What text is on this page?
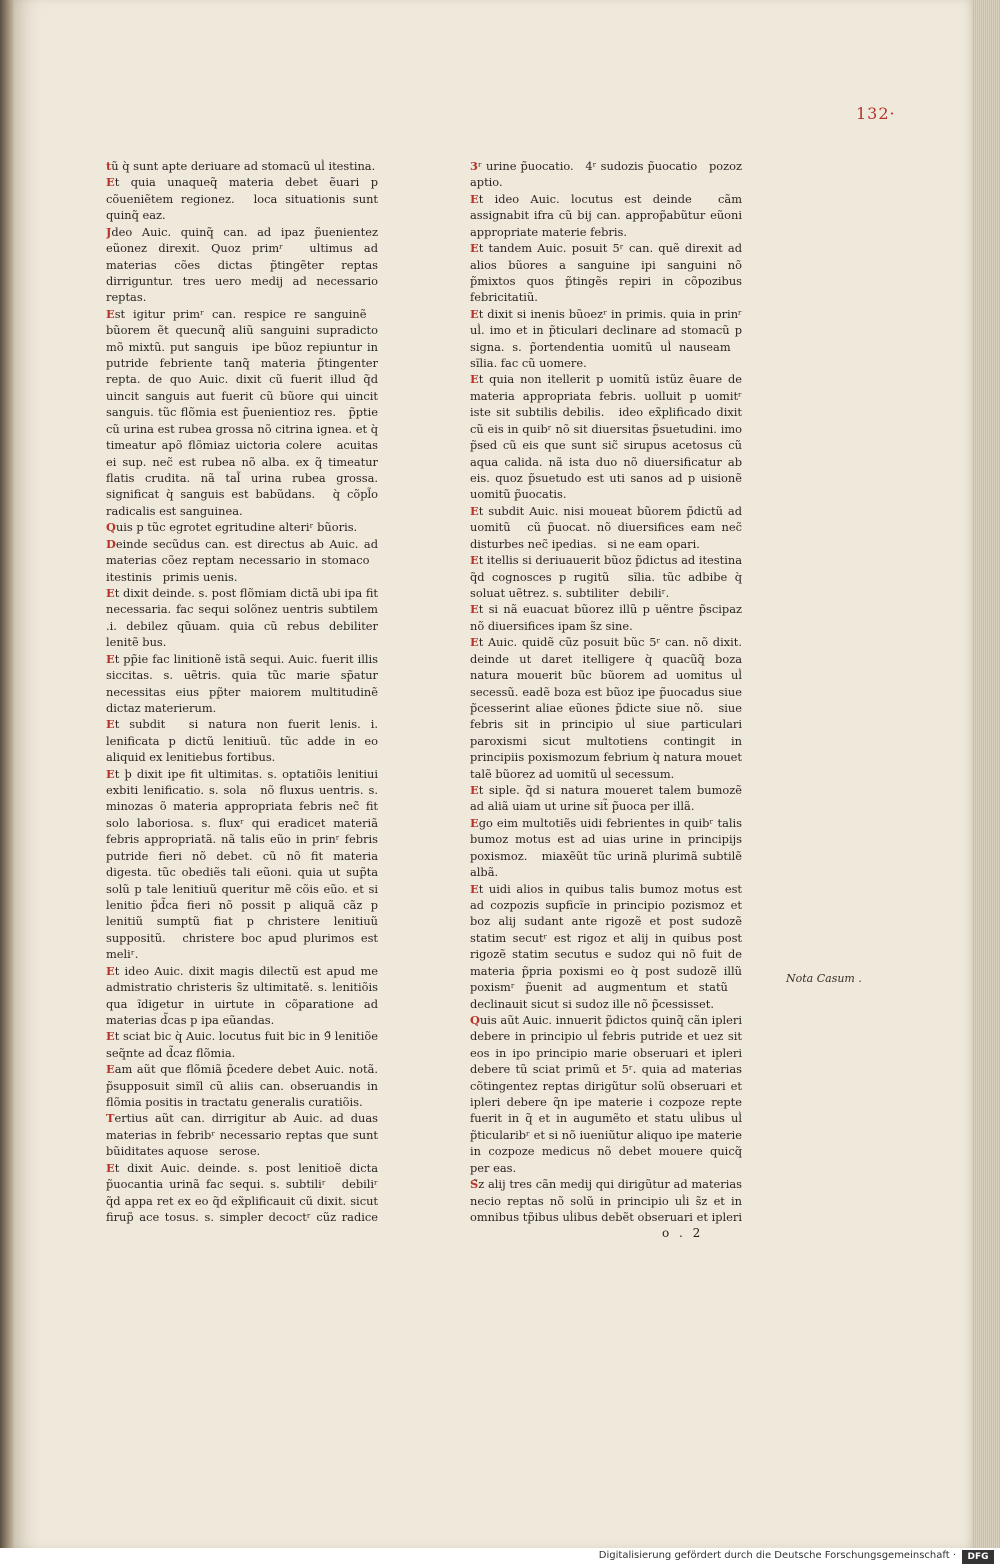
132·

tũ q̀ sunt apte deriuare ad stomacũ ul̀ itestina.

Et quia unaqueq̃ materia debet ẽuari p cõueniẽtem regionez.   loca situationis sunt quinq̃ eaz.

Jdeo Auic. quinq̃ can. ad ipaz p̃uenientez eũonez direxit. Quoz primʳ   ultimus ad materias cões dictas p̃tingẽter reptas dirriguntur. tres uero medij ad necessario reptas.

Est igitur primʳ can. respice re sanguinẽ   bũorem ẽt quecunq̃ aliũ sanguini supradicto mõ mixtũ. put sanguis   ipe bũoz repiuntur in putride febriente tanq̃ materia p̃tingenter repta. de quo Auic. dixit cũ fuerit illud q̃d uincit sanguis aut fuerit cũ bũore qui uincit sanguis. tũc flõmia est p̃uenientioz res.   p̃ptie cũ urina est rubea grossa nõ citrina ignea. et q̀ timeatur apõ flõmiaz uictoria colere   acuitas ei sup. nec̃ est rubea nõ alba. ex q̃ timeatur flatis crudita. nã tal̃ urina rubea grossa. significat q̀ sanguis est babũdans.   q̀ cõpl̃o radicalis est sanguinea.

Quis p tũc egrotet egritudine alteriʳ bũoris.

Deinde secũdus can. est directus ab Auic. ad materias cõez reptam necessario in stomaco   itestinis   primis uenis.

Et dixit deinde. s. post flõmiam dictã ubi ipa fit necessaria. fac sequi solõnez uentris subtilem .i. debilez qũuam. quia cũ rebus debiliter lenitẽ bus.

Et pp̃ie fac linitionẽ istã sequi. Auic. fuerit illis siccitas. s. uẽtris. quia tũc marie sp̃atur necessitas eius pp̃ter maiorem multitudinẽ dictaz materierum.

Et subdit   si natura non fuerit lenis. i. lenificata p dictũ lenitiuũ. tũc adde in eo aliquid ex lenitiebus fortibus.

Et þ dixit ipe fit ultimitas. s. optatiõis lenitiui exbiti lenificatio. s. sola   nõ fluxus uentris. s. minozas õ materia appropriata febris nec̃ fit solo laboriosa. s. fluxʳ qui eradicet materiã febris appropriatã. nã talis eũo in prinʳ febris putride fieri nõ debet. cũ nõ fit materia digesta. tũc obediẽs tali eũoni. quia ut sup̃ta solũ p tale lenitiuũ queritur mẽ cõis eũo. et si lenitio p̃d̃ca fieri nõ possit p aliquã cãz p lenitiũ sumptũ fiat p christere lenitiuũ suppositũ.   christere boc apud plurimos est meliʳ.

Et ideo Auic. dixit magis dilectũ est apud me admistratio christeris s̃z ultimitatẽ. s. lenitiõis qua ĩdigetur in uirtute in cõparatione ad materias d̃cas p ipa eũandas.

Et sciat bic q̀ Auic. locutus fuit bic in 9̃ lenitiõe seq̃nte ad d̃caz flõmia.

Eam aũt que flõmiã p̃cedere debet Auic. notã. p̃supposuit simĩl cũ aliis can. obseruandis in flõmia positis in tractatu generalis curatiõis.

Tertius aũt can. dirrigitur ab Auic. ad duas materias in febribʳ necessario reptas que sunt bũiditates aquose   serose.

Et dixit Auic. deinde. s. post lenitioẽ dicta p̃uocantia urinã fac sequi. s. subtiliʳ   debiliʳ q̃d appa ret ex eo q̃d ex̃plificauit cũ dixit. sicut firup̃ ace tosus. s. simpler decoctʳ cũz radice  

3ʳ urine p̃uocatio.   4ʳ sudozis p̃uocatio   pozoz aptio.

Et ideo Auic. locutus est deinde   cãm assignabit ifra cũ bij can. approp̃abũtur eũoni appropriate materie febris.

Et tandem Auic. posuit 5ʳ can. quẽ direxit ad alios bũores a sanguine ipi sanguini nõ p̃mixtos quos p̃tingẽs repiri in cõpozibus febricitatiũ.

Et dixit si inenis bũoezʳ in primis. quia in prinʳ ul̀. imo et in p̃ticulari declinare ad stomacũ p signa. s. p̃ortendentia uomitũ ul̀ nauseam   sĩlia. fac cũ uomere.

Et quia non itellerit p uomitũ istũz ẽuare de materia appropriata febris. uolluit p uomitʳ iste sit subtilis debilis.   ideo ex̃plificado dixit cũ eis in quibʳ nõ sit diuersitas p̃suetudini. imo p̃sed cũ eis que sunt sic̃ sirupus acetosus cũ aqua calida. nã ista duo nõ diuersificatur ab eis. quoz p̃suetudo est uti sanos ad p uisionẽ uomitũ p̃uocatis.

Et subdit Auic. nisi moueat bũorem p̃dictũ ad uomitũ   cũ p̃uocat. nõ diuersifices eam nec̃ disturbes nec̃ ipedias.   si ne eam opari.

Et itellis si deriuauerit bũoz p̃dictus ad itestina q̃d cognosces p rugitũ   sĩlia. tũc adbibe q̀ soluat uẽtrez. s. subtiliter   debiliʳ.

Et si nã euacuat bũorez illũ p uẽntre p̃scipaz nõ diuersifices ipam s̃z sine.

Et Auic. quidẽ cũz posuit bũc 5ʳ can. nõ dixit. deinde ut daret itelligere q̀ quacũq̃ boza natura mouerit bũc bũorem ad uomitus ul̀ secessũ. eadẽ boza est bũoz ipe p̃uocadus siue p̃cesserint aliae eũones p̃dicte siue nõ.   siue febris sit in principio ul̀ siue particulari paroxismi sicut multotiens contingit in principiis poxismozum febrium q̀ natura mouet talẽ bũorez ad uomitũ ul̀ secessum.

Et siple. q̃d si natura moueret talem bumozẽ ad aliã uiam ut urine sit̃ p̃uoca per illã.

Ego eim multotiẽs uidi febrientes in quibʳ talis bumoz motus est ad uias urine in principijs poxismoz.   miaxẽũt tũc urinã plurimã subtilẽ albã.

Et uidi alios in quibus talis bumoz motus est ad cozpozis supficĩe in principio pozismoz et boz alij sudant ante rigozẽ et post sudozẽ statim secutʳ est rigoz et alij in quibus post rigozẽ statim secutus e sudoz qui nõ fuit de materia p̃pria poxismi eo q̀ post sudozẽ illũ poxismʳ p̃uenit ad augmentum et statũ   declinauit sicut si sudoz ille nõ p̃cessisset.

Quis aũt Auic. innuerit p̃dictos quinq̃ cãn ipleri debere in principio ul̀ febris putride et uez sit eos in ipo principio marie obseruari et ipleri debere tũ sciat primũ et 5ʳ. quia ad materias cõtingentez reptas dirigũtur solũ obseruari et ipleri debere q̃n ipe materie i cozpoze repte fuerit in q̃ et in augumẽto et statu ul̀ibus ul̀ p̃ticularibʳ et si nõ iueniũtur aliquo ipe materie in cozpoze medicus nõ debet mouere quicq̃ per eas.

S̃z alij tres cãn medij qui dirigũtur ad materias necio reptas nõ solũ in principio ul̀i s̃z et in omnibus tp̃ibus ul̀ibus debẽt obseruari et ipleri

o . 2
Nota Casum .
Digitalisierung gefördert durch die Deutsche Forschungsgemeinschaft ·	DFG
